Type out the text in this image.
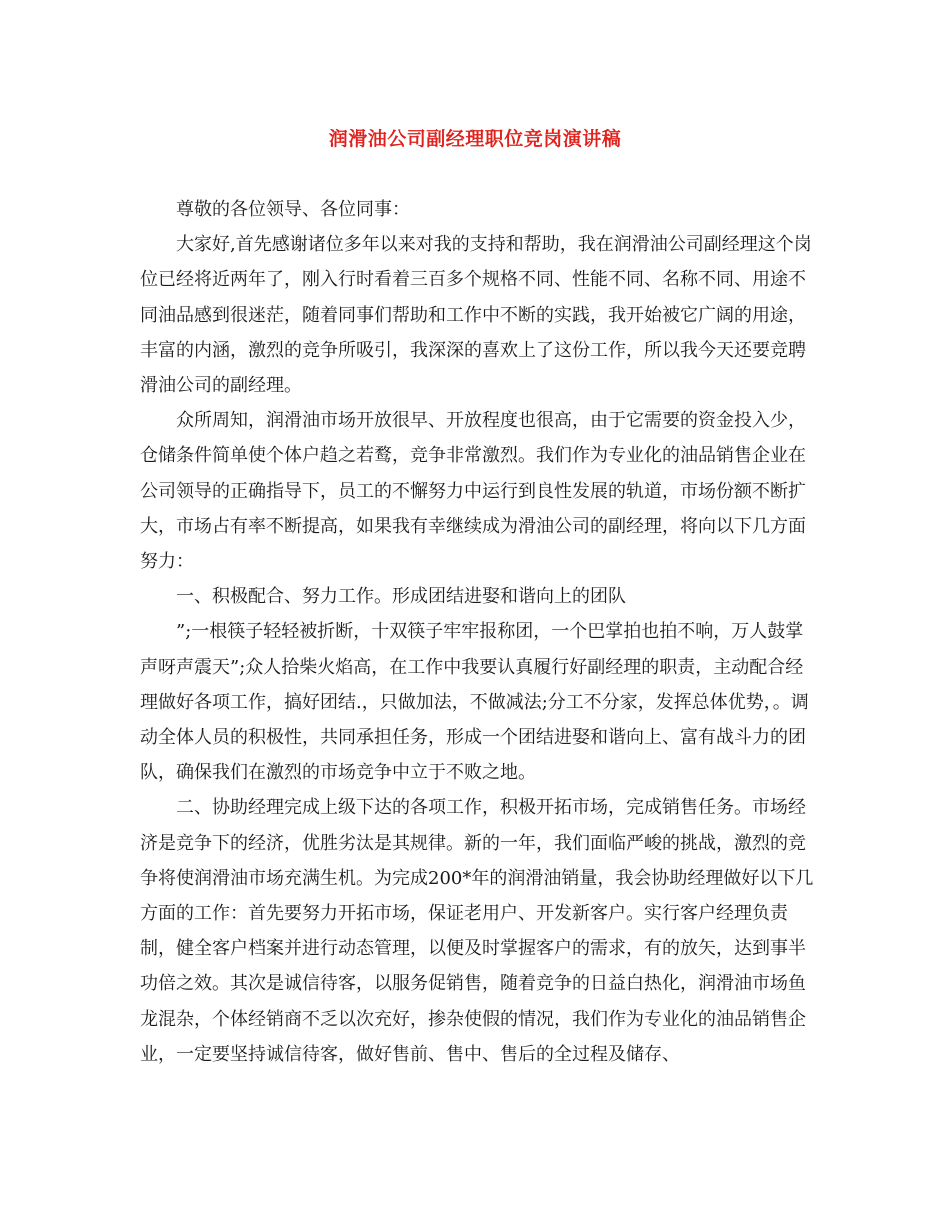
润滑油公司副经理职位竞岗演讲稿

尊敬的各位领导、各位同事：

大家好,首先感谢诸位多年以来对我的支持和帮助，我在润滑油公司副经理这个岗位已经将近两年了，刚入行时看着三百多个规格不同、性能不同、名称不同、用途不同油品感到很迷茫，随着同事们帮助和工作中不断的实践，我开始被它广阔的用途，丰富的内涵，激烈的竞争所吸引，我深深的喜欢上了这份工作，所以我今天还要竞聘滑油公司的副经理。

众所周知，润滑油市场开放很早、开放程度也很高，由于它需要的资金投入少，仓储条件简单使个体户趋之若鹜，竞争非常激烈。我们作为专业化的油品销售企业在公司领导的正确指导下，员工的不懈努力中运行到良性发展的轨道，市场份额不断扩大，市场占有率不断提高，如果我有幸继续成为滑油公司的副经理，将向以下几方面努力：

一、积极配合、努力工作。形成团结进娶和谐向上的团队

”;一根筷子轻轻被折断，十双筷子牢牢报称团，一个巴掌拍也拍不响，万人鼓掌声呀声震天”;众人拾柴火焰高，在工作中我要认真履行好副经理的职责，主动配合经理做好各项工作，搞好团结.，只做加法，不做减法;分工不分家，发挥总体优势，。调动全体人员的积极性，共同承担任务，形成一个团结进娶和谐向上、富有战斗力的团队，确保我们在激烈的市场竞争中立于不败之地。

二、协助经理完成上级下达的各项工作，积极开拓市场，完成销售任务。市场经济是竞争下的经济，优胜劣汰是其规律。新的一年，我们面临严峻的挑战，激烈的竞争将使润滑油市场充满生机。为完成200*年的润滑油销量，我会协助经理做好以下几方面的工作：首先要努力开拓市场，保证老用户、开发新客户。实行客户经理负责制，健全客户档案并进行动态管理，以便及时掌握客户的需求，有的放矢，达到事半功倍之效。其次是诚信待客，以服务促销售，随着竞争的日益白热化，润滑油市场鱼龙混杂，个体经销商不乏以次充好，掺杂使假的情况，我们作为专业化的油品销售企业，一定要坚持诚信待客，做好售前、售中、售后的全过程及储存、
